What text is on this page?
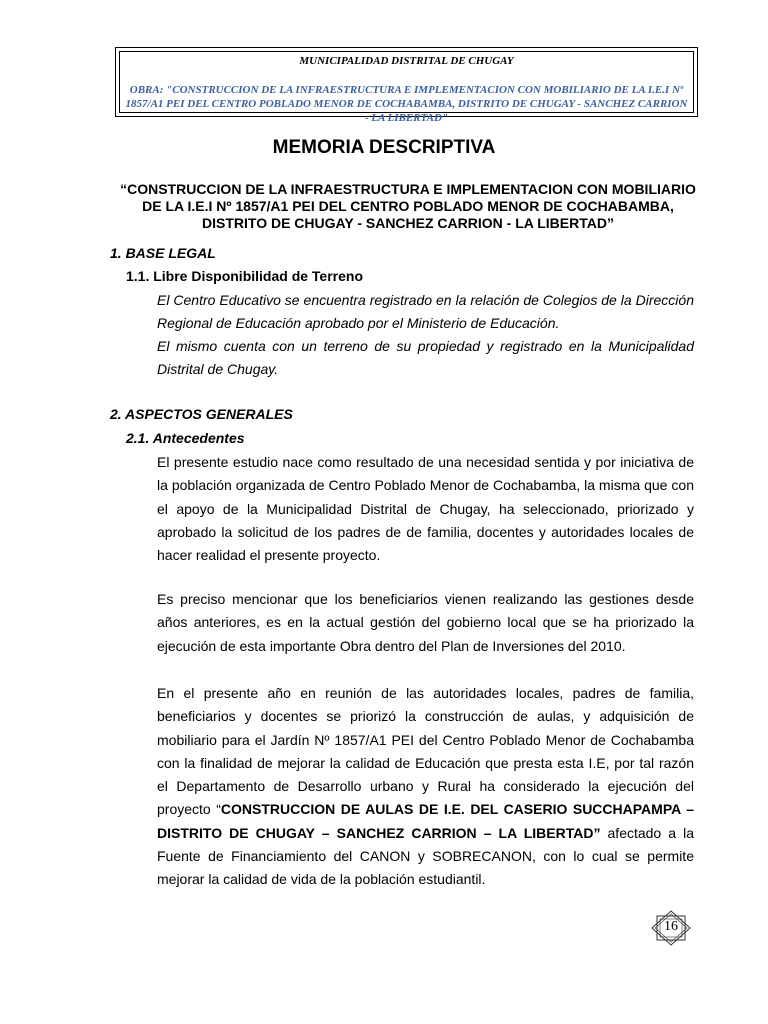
MUNICIPALIDAD DISTRITAL DE CHUGAY
OBRA: "CONSTRUCCION DE LA INFRAESTRUCTURA E IMPLEMENTACION CON MOBILIARIO DE LA I.E.I Nº 1857/A1 PEI DEL CENTRO POBLADO MENOR DE COCHABAMBA, DISTRITO DE CHUGAY - SANCHEZ CARRION - LA LIBERTAD"
MEMORIA DESCRIPTIVA
“CONSTRUCCION DE LA INFRAESTRUCTURA E IMPLEMENTACION CON MOBILIARIO DE LA I.E.I Nº 1857/A1 PEI DEL CENTRO POBLADO MENOR DE COCHABAMBA, DISTRITO DE CHUGAY - SANCHEZ CARRION - LA LIBERTAD”
1. BASE LEGAL
1.1. Libre Disponibilidad de Terreno
El Centro Educativo se encuentra registrado en la relación de Colegios de la Dirección Regional de Educación aprobado por el Ministerio de Educación.
El mismo cuenta con un terreno de su propiedad y registrado en la Municipalidad Distrital de Chugay.
2. ASPECTOS GENERALES
2.1. Antecedentes
El presente estudio nace como resultado de una necesidad sentida y por iniciativa de la población organizada de Centro Poblado Menor de Cochabamba, la misma que con el apoyo de la Municipalidad Distrital de Chugay, ha seleccionado, priorizado y aprobado la solicitud de los padres de de familia, docentes y autoridades locales de hacer realidad el presente proyecto.
Es preciso mencionar que los beneficiarios vienen realizando las gestiones desde años anteriores, es en la actual gestión del gobierno local que se ha priorizado la ejecución de esta importante Obra dentro del Plan de Inversiones del 2010.
En el presente año en reunión de las autoridades locales, padres de familia, beneficiarios y docentes se priorizó la construcción de aulas, y adquisición de mobiliario para el Jardín Nº 1857/A1 PEI del Centro Poblado Menor de Cochabamba con la finalidad de mejorar la calidad de Educación que presta esta I.E, por tal razón el Departamento de Desarrollo urbano y Rural ha considerado la ejecución del proyecto “CONSTRUCCION DE AULAS DE I.E. DEL CASERIO SUCCHAPAMPA – DISTRITO DE CHUGAY – SANCHEZ CARRION – LA LIBERTAD” afectado a la Fuente de Financiamiento del CANON y SOBRECANON, con lo cual se permite mejorar la calidad de vida de la población estudiantil.
16
